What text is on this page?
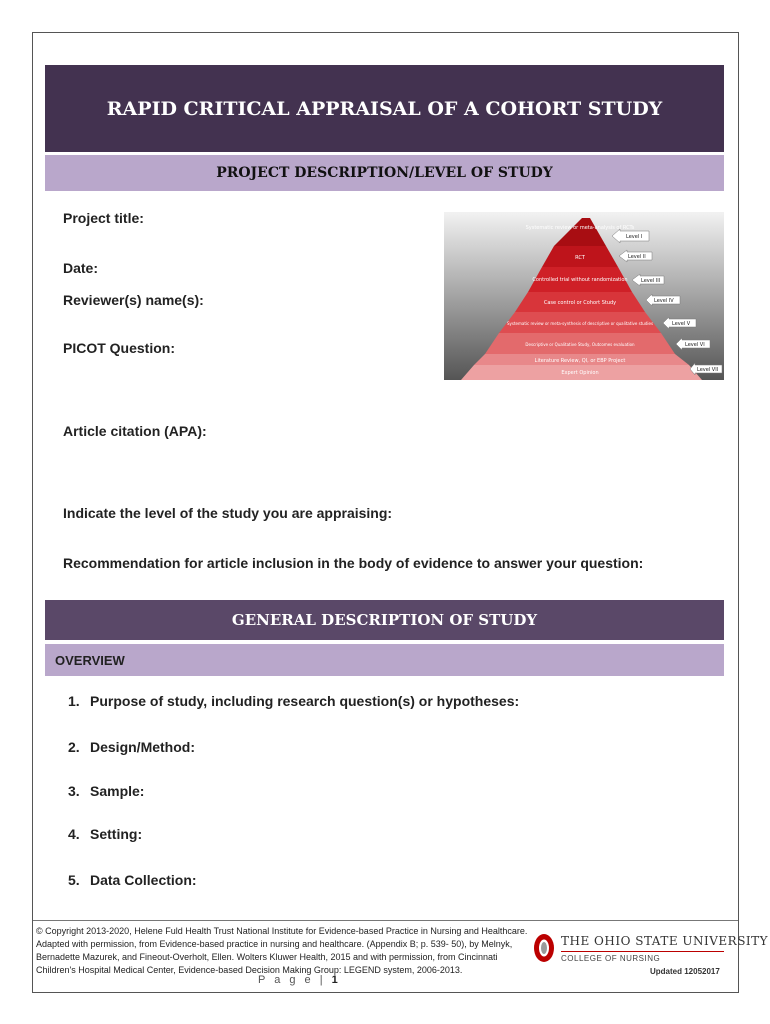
RAPID CRITICAL APPRAISAL OF A COHORT STUDY
PROJECT DESCRIPTION/LEVEL OF STUDY
Project title:
Date:
Reviewer(s) name(s):
PICOT Question:
Article citation (APA):
Indicate the level of the study you are appraising:
Recommendation for article inclusion in the body of evidence to answer your question:
Systematic review or meta-analysis of RCTs
RCT
Controlled trial without randomization
Case control or Cohort Study
Systematic review or meta-synthesis of descriptive or qualitative studies
Descriptive or Qualitative Study, Outcomes evaluation
Literature Review, QI, or EBP Project
Expert Opinion
Level I
Level II
Level III
Level IV
Level V
Level VI
Level VII
GENERAL DESCRIPTION OF STUDY
OVERVIEW
1. Purpose of study, including research question(s) or hypotheses:
2. Design/Method:
3. Sample:
4. Setting:
5. Data Collection:
© Copyright 2013-2020, Helene Fuld Health Trust National Institute for Evidence-based Practice in Nursing and Healthcare.
Adapted with permission, from Evidence-based practice in nursing and healthcare. (Appendix B; p. 539- 50), by Melnyk,
Bernadette Mazurek, and Fineout-Overholt, Ellen. Wolters Kluwer Health, 2015 and with permission, from Cincinnati
Children's Hospital Medical Center, Evidence-based Decision Making Group: LEGEND system, 2006-2013.
P a g e | 1
THE OHIO STATE UNIVERSITY
COLLEGE OF NURSING
Updated 12052017
